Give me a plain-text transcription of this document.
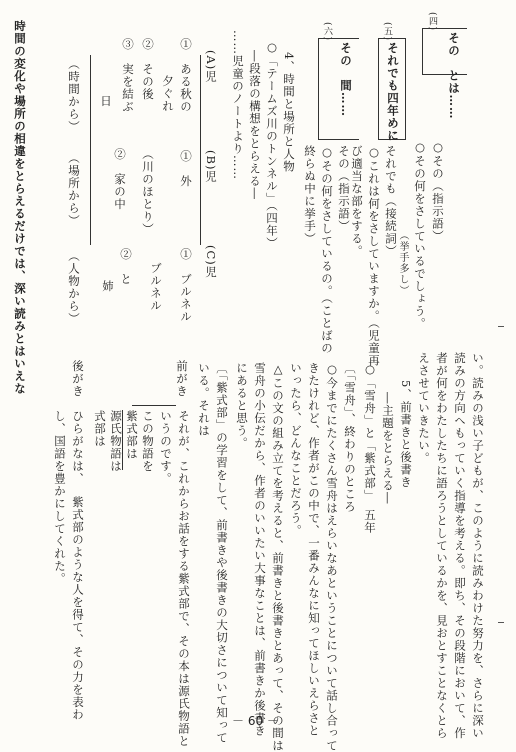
(四)
その　とは……
○その（指示語）
○その何をさしているでしょう。
（挙手多し）
(五)
それでも四年めに
それでも（接続詞）
○これは何をさしていますか。（児童再
び適当な部をする。
(六)
その　間……
その（指示語）
○その何をさしているの。（ことばの
終らぬ中に挙手）
4、時間と場所と人物
○「テームズ川のトンネル」（四年）
―段落の構想をとらえる―
……児童のノートより……
(A)児
(B)児
(C)児
①　ある秋の
夕ぐれ
②　その後
③　実を結ぶ
日
①　外
（川のほとり）
②　家の中
①　ブルネル
ブルネル
②　と
姉
（時間から）
（場所から）
（人物から）
時間の変化や場所の相違をとらえるだけでは、深い読みとはいえな
い。読みの浅い子どもが、このように読みわけた努力を、さらに深い
読みの方向へもっていく指導を考える。即ち、その段階において、作
者が何をわたしたちに語ろうとしているかを、見おとすことなくとら
えさせていきたい。
5、前書きと後書き
―主題をとらえる―
○「雪舟」と「紫式部」　五年
〔「雪舟」、終わりのところ
○今までにたくさん雪舟はえらいなあということについて話し合って
きたけれど、作者がこの中で、一番みんなに知ってほしいえらさと
いったら、どんなことだろう。
△この文の組み立てを考えると、前書きと後書きとあって、その間は
雪舟の小伝だから、作者のいいたい大事なことは、前書きか後書き
にあると思う。
〔「紫式部」の学習をして、前書きや後書きの大切さについて知って
いる。それは
前がき
それが、これからお話をする紫式部で、その本は源氏物語と
いうのです。
この物語を
紫式部は
源氏物語は
式部は
後がき
ひらがなは、
紫式部のような人を得て、その力を表わ
し、国語を豊かにしてくれた。
－ 60 －
